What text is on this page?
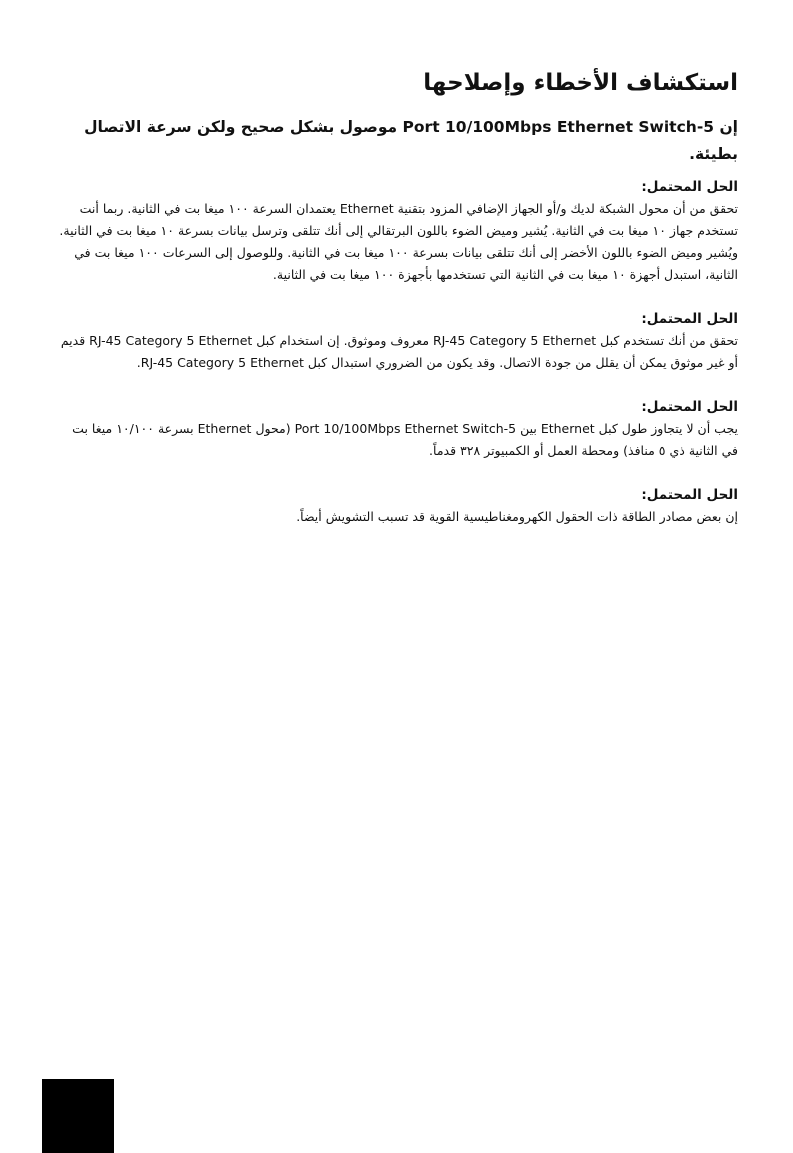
استكشاف الأخطاء وإصلاحها

إن 5-Port 10/100Mbps Ethernet Switch موصول بشكل صحيح ولكن سرعة الاتصال بطيئة.

الحل المحتمل:

تحقق من أن محول الشبكة لديك و/أو الجهاز الإضافي المزود بتقنية Ethernet يعتمدان السرعة ١٠٠ ميغا بت في الثانية. ربما أنت تستخدم جهاز ١٠ ميغا بت في الثانية. يُشير وميض الضوء باللون البرتقالي إلى أنك تتلقى وترسل بيانات بسرعة ١٠ ميغا بت في الثانية. ويُشير وميض الضوء باللون الأخضر إلى أنك تتلقى بيانات بسرعة ١٠٠ ميغا بت في الثانية. وللوصول إلى السرعات ١٠٠ ميغا بت في الثانية، استبدل أجهزة ١٠ ميغا بت في الثانية التي تستخدمها بأجهزة ١٠٠ ميغا بت في الثانية.

الحل المحتمل:

تحقق من أنك تستخدم كبل RJ-45 Category 5 Ethernet معروف وموثوق. إن استخدام كبل RJ-45 Category 5 Ethernet قديم أو غير موثوق يمكن أن يقلل من جودة الاتصال. وقد يكون من الضروري استبدال كبل RJ-45 Category 5 Ethernet.

الحل المحتمل:

يجب أن لا يتجاوز طول كبل Ethernet بين 5-Port 10/100Mbps Ethernet Switch (محول Ethernet بسرعة ١٠/١٠٠ ميغا بت في الثانية ذي ٥ منافذ) ومحطة العمل أو الكمبيوتر ٣٢٨ قدماً.

الحل المحتمل:

إن بعض مصادر الطاقة ذات الحقول الكهرومغناطيسية القوية قد تسبب التشويش أيضاً.
